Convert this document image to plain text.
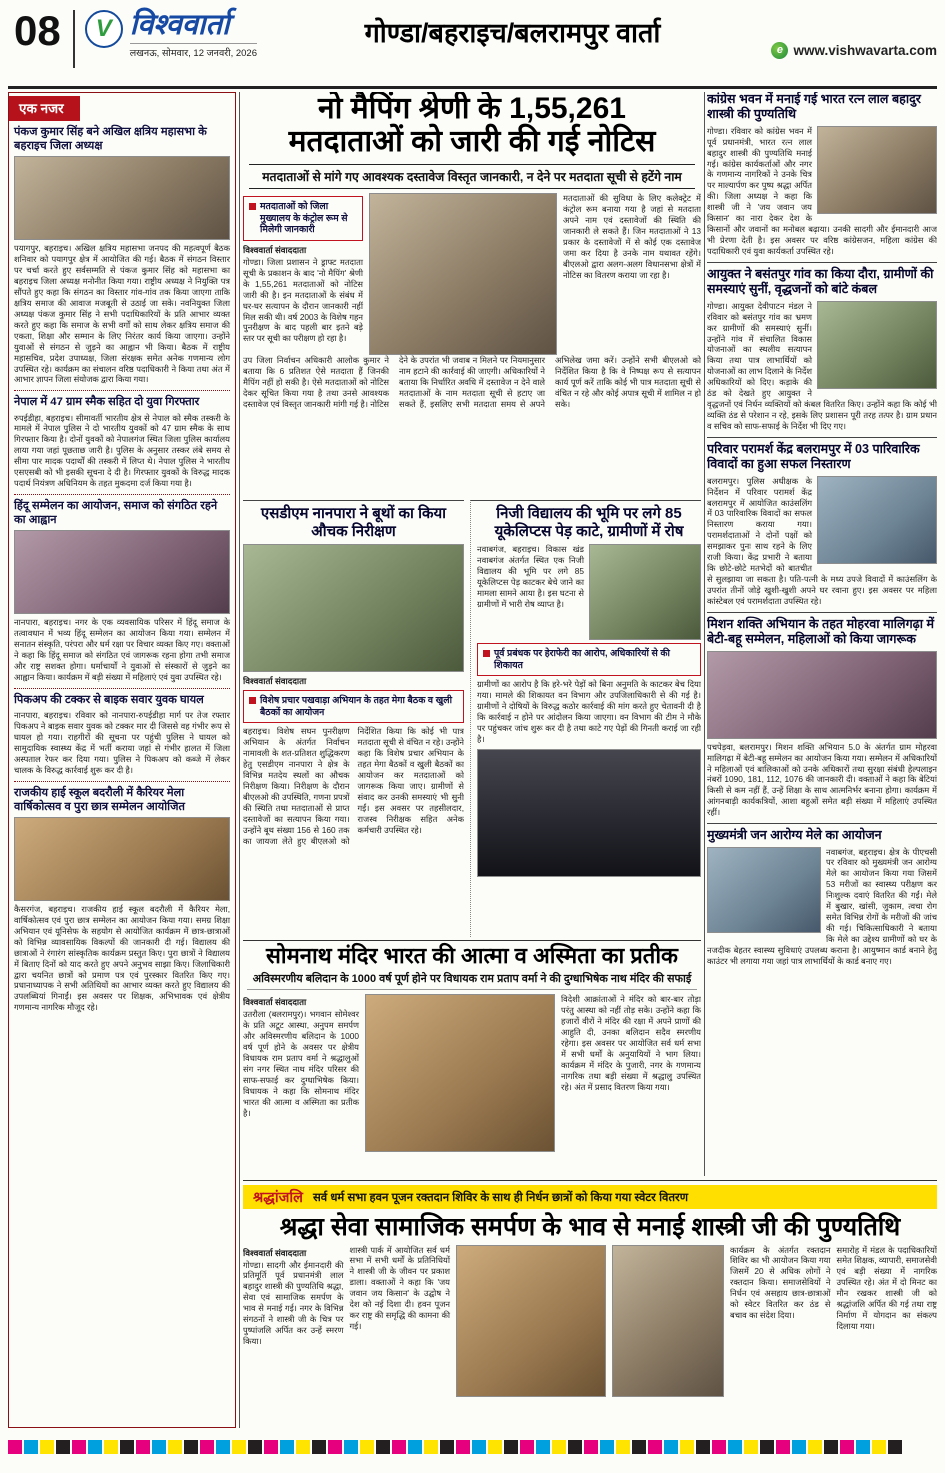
08	V विश्ववार्ता
लखनऊ, सोमवार, 12 जनवरी, 2026
गोण्डा/बहराइच/बलरामपुर वार्ता
e www.vishwavarta.com
एक नजर
पंकज कुमार सिंह बने अखिल क्षत्रिय महासभा के बहराइच जिला अध्यक्ष

पयागपुर, बहराइच। अखिल क्षत्रिय महासभा जनपद की महत्वपूर्ण बैठक शनिवार को पयागपुर क्षेत्र में आयोजित की गई। बैठक में संगठन विस्तार पर चर्चा करते हुए सर्वसम्मति से पंकज कुमार सिंह को महासभा का बहराइच जिला अध्यक्ष मनोनीत किया गया। राष्ट्रीय अध्यक्ष ने नियुक्ति पत्र सौंपते हुए कहा कि संगठन का विस्तार गांव-गांव तक किया जाएगा ताकि क्षत्रिय समाज की आवाज मजबूती से उठाई जा सके। नवनियुक्त जिला अध्यक्ष पंकज कुमार सिंह ने सभी पदाधिकारियों के प्रति आभार व्यक्त करते हुए कहा कि समाज के सभी वर्गों को साथ लेकर क्षत्रिय समाज की एकता, शिक्षा और सम्मान के लिए निरंतर कार्य किया जाएगा। उन्होंने युवाओं से संगठन से जुड़ने का आह्वान भी किया। बैठक में राष्ट्रीय महासचिव, प्रदेश उपाध्यक्ष, जिला संरक्षक समेत अनेक गणमान्य लोग उपस्थित रहे। कार्यक्रम का संचालन वरिष्ठ पदाधिकारी ने किया तथा अंत में आभार ज्ञापन जिला संयोजक द्वारा किया गया।

नेपाल में 47 ग्राम स्मैक सहित दो युवा गिरफ्तार

रुपईडीहा, बहराइच। सीमावर्ती भारतीय क्षेत्र से नेपाल को स्मैक तस्करी के मामले में नेपाल पुलिस ने दो भारतीय युवकों को 47 ग्राम स्मैक के साथ गिरफ्तार किया है। दोनों युवकों को नेपालगंज स्थित जिला पुलिस कार्यालय लाया गया जहां पूछताछ जारी है। पुलिस के अनुसार तस्कर लंबे समय से सीमा पार मादक पदार्थों की तस्करी में लिप्त थे। नेपाल पुलिस ने भारतीय एसएसबी को भी इसकी सूचना दे दी है। गिरफ्तार युवकों के विरुद्ध मादक पदार्थ नियंत्रण अधिनियम के तहत मुकदमा दर्ज किया गया है।

हिंदू सम्मेलन का आयोजन, समाज को संगठित रहने का आह्वान

नानपारा, बहराइच। नगर के एक व्यवसायिक परिसर में हिंदू समाज के तत्वावधान में भव्य हिंदू सम्मेलन का आयोजन किया गया। सम्मेलन में सनातन संस्कृति, परंपरा और धर्म रक्षा पर विचार व्यक्त किए गए। वक्ताओं ने कहा कि हिंदू समाज को संगठित एवं जागरूक रहना होगा तभी समाज और राष्ट्र सशक्त होगा। धर्माचार्यों ने युवाओं से संस्कारों से जुड़ने का आह्वान किया। कार्यक्रम में बड़ी संख्या में महिलाएं एवं युवा उपस्थित रहे।

पिकअप की टक्कर से बाइक सवार युवक घायल

नानपारा, बहराइच। रविवार को नानपारा-रुपईडीहा मार्ग पर तेज रफ्तार पिकअप ने बाइक सवार युवक को टक्कर मार दी जिससे वह गंभीर रूप से घायल हो गया। राहगीरों की सूचना पर पहुंची पुलिस ने घायल को सामुदायिक स्वास्थ्य केंद्र में भर्ती कराया जहां से गंभीर हालत में जिला अस्पताल रेफर कर दिया गया। पुलिस ने पिकअप को कब्जे में लेकर चालक के विरुद्ध कार्रवाई शुरू कर दी है।

राजकीय हाई स्कूल बदरौली में कैरियर मेला वार्षिकोत्सव व पुरा छात्र सम्मेलन आयोजित

कैसरगंज, बहराइच। राजकीय हाई स्कूल बदरौली में कैरियर मेला, वार्षिकोत्सव एवं पुरा छात्र सम्मेलन का आयोजन किया गया। समग्र शिक्षा अभियान एवं यूनिसेफ के सहयोग से आयोजित कार्यक्रम में छात्र-छात्राओं को विभिन्न व्यावसायिक विकल्पों की जानकारी दी गई। विद्यालय की छात्राओं ने रंगारंग सांस्कृतिक कार्यक्रम प्रस्तुत किए। पुरा छात्रों ने विद्यालय में बिताए दिनों को याद करते हुए अपने अनुभव साझा किए। जिलाधिकारी द्वारा चयनित छात्रों को प्रमाण पत्र एवं पुरस्कार वितरित किए गए। प्रधानाध्यापक ने सभी अतिथियों का आभार व्यक्त करते हुए विद्यालय की उपलब्धियां गिनाईं। इस अवसर पर शिक्षक, अभिभावक एवं क्षेत्रीय गणमान्य नागरिक मौजूद रहे।

नो मैपिंग श्रेणी के 1,55,261
मतदाताओं को जारी की गई नोटिस
मतदाताओं से मांगे गए आवश्यक दस्तावेज विस्तृत जानकारी, न देने पर मतदाता सूची से हटेंगे नाम
मतदाताओं को जिला मुख्यालय के कंट्रोल रूम से मिलेगी जानकारी
विश्ववार्ता संवाददाता

गोण्डा। जिला प्रशासन ने ड्राफ्ट मतदाता सूची के प्रकाशन के बाद 'नो मैपिंग' श्रेणी के 1,55,261 मतदाताओं को नोटिस जारी की है। इन मतदाताओं के संबंध में घर-घर सत्यापन के दौरान जानकारी नहीं मिल सकी थी। वर्ष 2003 के विशेष गहन पुनरीक्षण के बाद पहली बार इतने बड़े स्तर पर सूची का परीक्षण हो रहा है।

मतदाताओं की सुविधा के लिए कलेक्ट्रेट में कंट्रोल रूम बनाया गया है जहां से मतदाता अपने नाम एवं दस्तावेजों की स्थिति की जानकारी ले सकते हैं। जिन मतदाताओं ने 13 प्रकार के दस्तावेजों में से कोई एक दस्तावेज जमा कर दिया है उनके नाम यथावत रहेंगे। बीएलओ द्वारा अलग-अलग विधानसभा क्षेत्रों में नोटिस का वितरण कराया जा रहा है।

उप जिला निर्वाचन अधिकारी आलोक कुमार ने बताया कि 6 प्रतिशत ऐसे मतदाता हैं जिनकी मैपिंग नहीं हो सकी है। ऐसे मतदाताओं को नोटिस देकर सूचित किया गया है तथा उनसे आवश्यक दस्तावेज एवं विस्तृत जानकारी मांगी गई है। नोटिस देने के उपरांत भी जवाब न मिलने पर नियमानुसार नाम हटाने की कार्रवाई की जाएगी। अधिकारियों ने बताया कि निर्धारित अवधि में दस्तावेज न देने वाले मतदाताओं के नाम मतदाता सूची से हटाए जा सकते हैं, इसलिए सभी मतदाता समय से अपने अभिलेख जमा करें। उन्होंने सभी बीएलओ को निर्देशित किया है कि वे निष्पक्ष रूप से सत्यापन कार्य पूर्ण करें ताकि कोई भी पात्र मतदाता सूची से वंचित न रहे और कोई अपात्र सूची में शामिल न हो सके।
एसडीएम नानपारा ने बूथों का किया औचक निरीक्षण
विश्ववार्ता संवाददाता
विशेष प्रचार पखवाड़ा अभियान के तहत मेगा बैठक व खुली बैठकों का आयोजन
बहराइच। विशेष सघन पुनरीक्षण अभियान के अंतर्गत निर्वाचन नामावली के शत-प्रतिशत शुद्धिकरण हेतु एसडीएम नानपारा ने क्षेत्र के विभिन्न मतदेय स्थलों का औचक निरीक्षण किया। निरीक्षण के दौरान बीएलओ की उपस्थिति, गणना प्रपत्रों की स्थिति तथा मतदाताओं से प्राप्त दस्तावेजों का सत्यापन किया गया। उन्होंने बूथ संख्या 156 से 160 तक का जायजा लेते हुए बीएलओ को निर्देशित किया कि कोई भी पात्र मतदाता सूची से वंचित न रहे। उन्होंने कहा कि विशेष प्रचार अभियान के तहत मेगा बैठकों व खुली बैठकों का आयोजन कर मतदाताओं को जागरूक किया जाए। ग्रामीणों से संवाद कर उनकी समस्याएं भी सुनी गईं। इस अवसर पर तहसीलदार, राजस्व निरीक्षक सहित अनेक कर्मचारी उपस्थित रहे।
निजी विद्यालय की भूमि पर लगे 85 यूकेलिप्टस पेड़ काटे, ग्रामीणों में रोष

नवाबगंज, बहराइच। विकास खंड नवाबगंज अंतर्गत स्थित एक निजी विद्यालय की भूमि पर लगे 85 यूकेलिप्टस पेड़ काटकर बेचे जाने का मामला सामने आया है। इस घटना से ग्रामीणों में भारी रोष व्याप्त है।

पूर्व प्रबंधक पर हेराफेरी का आरोप, अधिकारियों से की शिकायत

ग्रामीणों का आरोप है कि हरे-भरे पेड़ों को बिना अनुमति के काटकर बेच दिया गया। मामले की शिकायत वन विभाग और उपजिलाधिकारी से की गई है। ग्रामीणों ने दोषियों के विरुद्ध कठोर कार्रवाई की मांग करते हुए चेतावनी दी है कि कार्रवाई न होने पर आंदोलन किया जाएगा। वन विभाग की टीम ने मौके पर पहुंचकर जांच शुरू कर दी है तथा काटे गए पेड़ों की गिनती कराई जा रही है।

सोमनाथ मंदिर भारत की आत्मा व अस्मिता का प्रतीक
अविस्मरणीय बलिदान के 1000 वर्ष पूर्ण होने पर विधायक राम प्रताप वर्मा ने की दुग्धाभिषेक नाथ मंदिर की सफाई
विश्ववार्ता संवाददाता

उतरौला (बलरामपुर)। भगवान सोमेश्वर के प्रति अटूट आस्था, अनुपम समर्पण और अविस्मरणीय बलिदान के 1000 वर्ष पूर्ण होने के अवसर पर क्षेत्रीय विधायक राम प्रताप वर्मा ने श्रद्धालुओं संग नगर स्थित नाथ मंदिर परिसर की साफ-सफाई कर दुग्धाभिषेक किया। विधायक ने कहा कि सोमनाथ मंदिर भारत की आत्मा व अस्मिता का प्रतीक है।

विदेशी आक्रांताओं ने मंदिर को बार-बार तोड़ा परंतु आस्था को नहीं तोड़ सके। उन्होंने कहा कि हजारों वीरों ने मंदिर की रक्षा में अपने प्राणों की आहुति दी, उनका बलिदान सदैव स्मरणीय रहेगा। इस अवसर पर आयोजित सर्व धर्म सभा में सभी धर्मों के अनुयायियों ने भाग लिया। कार्यक्रम में मंदिर के पुजारी, नगर के गणमान्य नागरिक तथा बड़ी संख्या में श्रद्धालु उपस्थित रहे। अंत में प्रसाद वितरण किया गया।

कांग्रेस भवन में मनाई गई भारत रत्न लाल बहादुर शास्त्री की पुण्यतिथि

गोण्डा। रविवार को कांग्रेस भवन में पूर्व प्रधानमंत्री, भारत रत्न लाल बहादुर शास्त्री की पुण्यतिथि मनाई गई। कांग्रेस कार्यकर्ताओं और नगर के गणमान्य नागरिकों ने उनके चित्र पर माल्यार्पण कर पुष्प श्रद्धा अर्पित की। जिला अध्यक्ष ने कहा कि शास्त्री जी ने 'जय जवान जय किसान' का नारा देकर देश के किसानों और जवानों का मनोबल बढ़ाया। उनकी सादगी और ईमानदारी आज भी प्रेरणा देती है। इस अवसर पर वरिष्ठ कांग्रेसजन, महिला कांग्रेस की पदाधिकारी एवं युवा कार्यकर्ता उपस्थित रहे।

आयुक्त ने बसंतपुर गांव का किया दौरा, ग्रामीणों की समस्याएं सुनीं, वृद्धजनों को बांटे कंबल

गोण्डा। आयुक्त देवीपाटन मंडल ने रविवार को बसंतपुर गांव का भ्रमण कर ग्रामीणों की समस्याएं सुनीं। उन्होंने गांव में संचालित विकास योजनाओं का स्थलीय सत्यापन किया तथा पात्र लाभार्थियों को योजनाओं का लाभ दिलाने के निर्देश अधिकारियों को दिए। कड़ाके की ठंड को देखते हुए आयुक्त ने वृद्धजनों एवं निर्धन व्यक्तियों को कंबल वितरित किए। उन्होंने कहा कि कोई भी व्यक्ति ठंड से परेशान न रहे, इसके लिए प्रशासन पूरी तरह तत्पर है। ग्राम प्रधान व सचिव को साफ-सफाई के निर्देश भी दिए गए।

परिवार परामर्श केंद्र बलरामपुर में 03 पारिवारिक विवादों का हुआ सफल निस्तारण

बलरामपुर। पुलिस अधीक्षक के निर्देशन में परिवार परामर्श केंद्र बलरामपुर में आयोजित काउंसलिंग में 03 पारिवारिक विवादों का सफल निस्तारण कराया गया। परामर्शदाताओं ने दोनों पक्षों को समझाकर पुनः साथ रहने के लिए राजी किया। केंद्र प्रभारी ने बताया कि छोटे-छोटे मतभेदों को बातचीत से सुलझाया जा सकता है। पति-पत्नी के मध्य उपजे विवादों में काउंसलिंग के उपरांत तीनों जोड़े खुशी-खुशी अपने घर रवाना हुए। इस अवसर पर महिला कांस्टेबल एवं परामर्शदाता उपस्थित रहे।

मिशन शक्ति अभियान के तहत मोहरवा मालिगढ़ा में बेटी-बहू सम्मेलन, महिलाओं को किया जागरूक

पचपेड़वा, बलरामपुर। मिशन शक्ति अभियान 5.0 के अंतर्गत ग्राम मोहरवा मालिगढ़ा में बेटी-बहू सम्मेलन का आयोजन किया गया। सम्मेलन में अधिकारियों ने महिलाओं एवं बालिकाओं को उनके अधिकारों तथा सुरक्षा संबंधी हेल्पलाइन नंबरों 1090, 181, 112, 1076 की जानकारी दी। वक्ताओं ने कहा कि बेटियां किसी से कम नहीं हैं, उन्हें शिक्षा के साथ आत्मनिर्भर बनाना होगा। कार्यक्रम में आंगनबाड़ी कार्यकत्रियों, आशा बहुओं समेत बड़ी संख्या में महिलाएं उपस्थित रहीं।

मुख्यमंत्री जन आरोग्य मेले का आयोजन

नवाबगंज, बहराइच। क्षेत्र के पीएचसी पर रविवार को मुख्यमंत्री जन आरोग्य मेले का आयोजन किया गया जिसमें 53 मरीजों का स्वास्थ्य परीक्षण कर निःशुल्क दवाएं वितरित की गईं। मेले में बुखार, खांसी, जुकाम, त्वचा रोग समेत विभिन्न रोगों के मरीजों की जांच की गई। चिकित्साधिकारी ने बताया कि मेले का उद्देश्य ग्रामीणों को घर के नजदीक बेहतर स्वास्थ्य सुविधाएं उपलब्ध कराना है। आयुष्मान कार्ड बनाने हेतु काउंटर भी लगाया गया जहां पात्र लाभार्थियों के कार्ड बनाए गए।

श्रद्धांजलि सर्व धर्म सभा हवन पूजन रक्तदान शिविर के साथ ही निर्धन छात्रों को किया गया स्वेटर वितरण
श्रद्धा सेवा सामाजिक समर्पण के भाव से मनाई शास्त्री जी की पुण्यतिथि
विश्ववार्ता संवाददाता

गोण्डा। सादगी और ईमानदारी की प्रतिमूर्ति पूर्व प्रधानमंत्री लाल बहादुर शास्त्री की पुण्यतिथि श्रद्धा, सेवा एवं सामाजिक समर्पण के भाव से मनाई गई। नगर के विभिन्न संगठनों ने शास्त्री जी के चित्र पर पुष्पांजलि अर्पित कर उन्हें स्मरण किया।

शास्त्री पार्क में आयोजित सर्व धर्म सभा में सभी धर्मों के प्रतिनिधियों ने शास्त्री जी के जीवन पर प्रकाश डाला। वक्ताओं ने कहा कि 'जय जवान जय किसान' के उद्घोष ने देश को नई दिशा दी। हवन पूजन कर राष्ट्र की समृद्धि की कामना की गई।

कार्यक्रम के अंतर्गत रक्तदान शिविर का भी आयोजन किया गया जिसमें 20 से अधिक लोगों ने रक्तदान किया। समाजसेवियों ने निर्धन एवं असहाय छात्र-छात्राओं को स्वेटर वितरित कर ठंड से बचाव का संदेश दिया।

समारोह में मंडल के पदाधिकारियों समेत शिक्षक, व्यापारी, समाजसेवी एवं बड़ी संख्या में नागरिक उपस्थित रहे। अंत में दो मिनट का मौन रखकर शास्त्री जी को श्रद्धांजलि अर्पित की गई तथा राष्ट्र निर्माण में योगदान का संकल्प दिलाया गया।
